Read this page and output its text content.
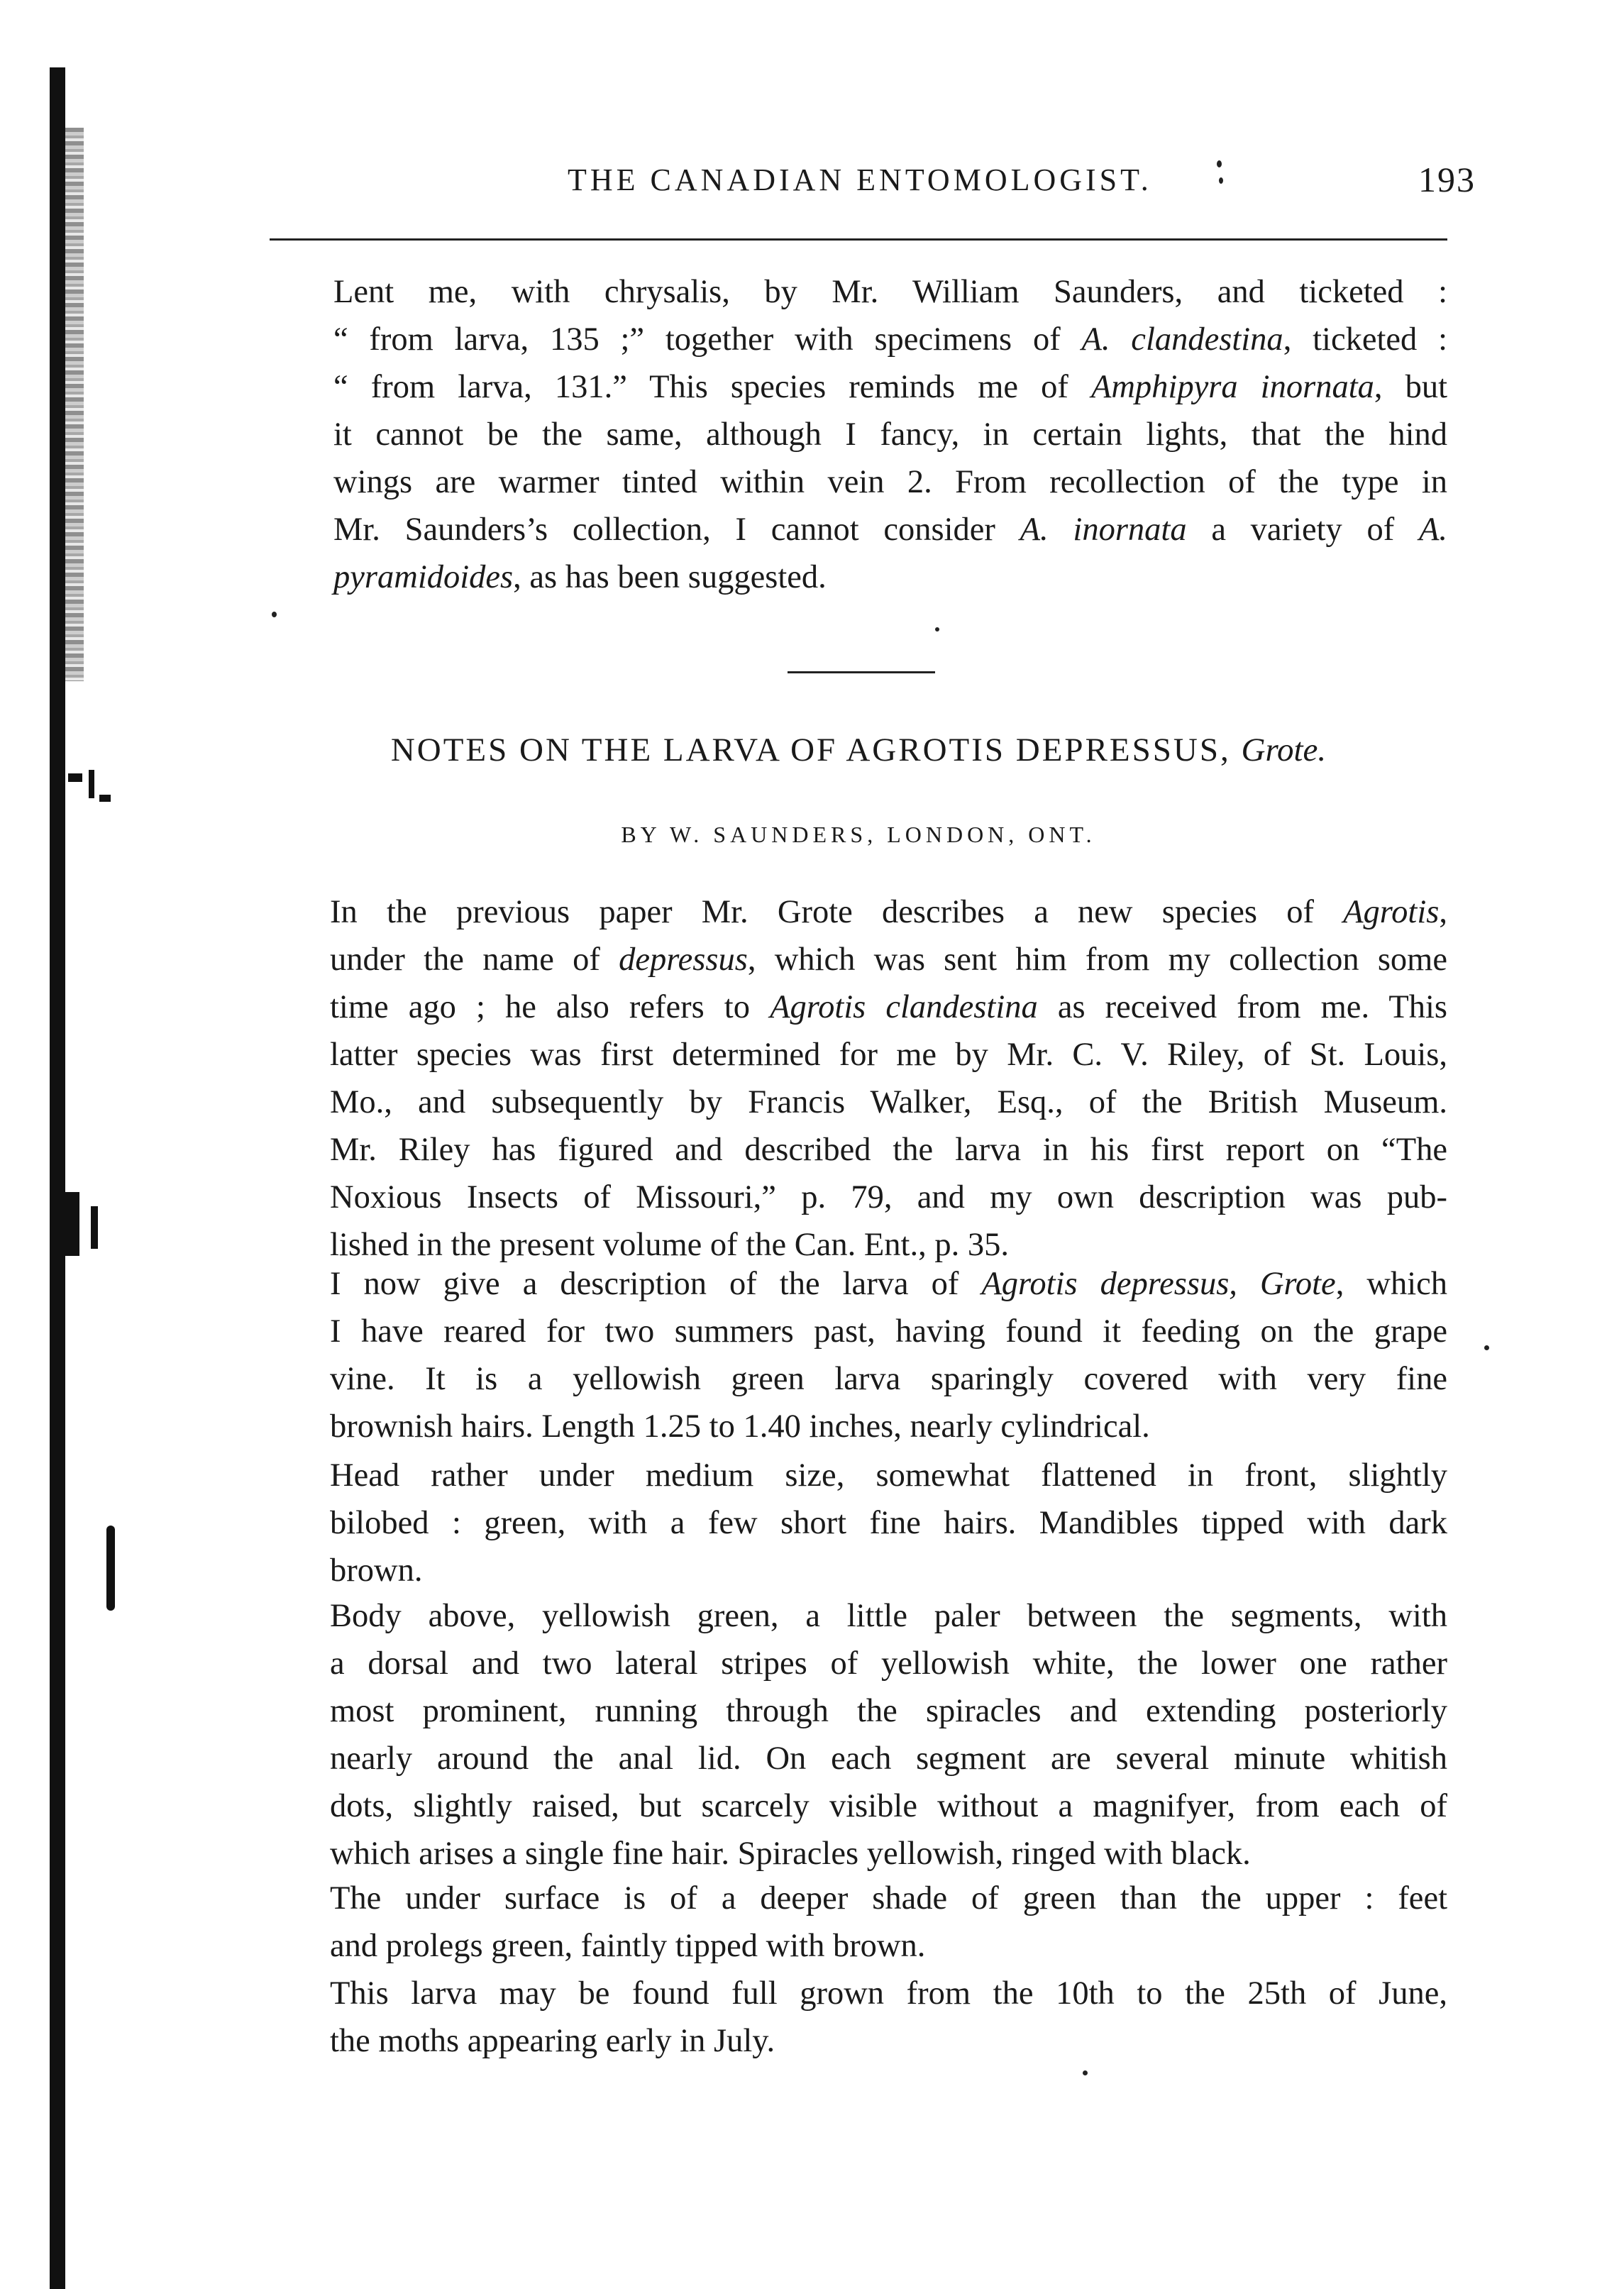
THE CANADIAN ENTOMOLOGIST.	193
Lent me, with chrysalis, by Mr. William Saunders, and ticketed :
“ from larva, 135 ;” together with specimens of A. clandestina, ticketed :
“ from larva, 131.” This species reminds me of Amphipyra inornata, but
it cannot be the same, although I fancy, in certain lights, that the hind
wings are warmer tinted within vein 2. From recollection of the type in
Mr. Saunders’s collection, I cannot consider A. inornata a variety of A.
pyramidoides, as has been suggested.
NOTES ON THE LARVA OF AGROTIS DEPRESSUS, Grote.
BY W. SAUNDERS, LONDON, ONT.
In the previous paper Mr. Grote describes a new species of Agrotis,
under the name of depressus, which was sent him from my collection some
time ago ; he also refers to Agrotis clandestina as received from me. This
latter species was first determined for me by Mr. C. V. Riley, of St. Louis,
Mo., and subsequently by Francis Walker, Esq., of the British Museum.
Mr. Riley has figured and described the larva in his first report on “The
Noxious Insects of Missouri,” p. 79, and my own description was pub-
lished in the present volume of the Can. Ent., p. 35.
I now give a description of the larva of Agrotis depressus, Grote, which
I have reared for two summers past, having found it feeding on the grape
vine. It is a yellowish green larva sparingly covered with very fine
brownish hairs. Length 1.25 to 1.40 inches, nearly cylindrical.
Head rather under medium size, somewhat flattened in front, slightly
bilobed : green, with a few short fine hairs. Mandibles tipped with dark
brown.
Body above, yellowish green, a little paler between the segments, with
a dorsal and two lateral stripes of yellowish white, the lower one rather
most prominent, running through the spiracles and extending posteriorly
nearly around the anal lid. On each segment are several minute whitish
dots, slightly raised, but scarcely visible without a magnifyer, from each of
which arises a single fine hair. Spiracles yellowish, ringed with black.
The under surface is of a deeper shade of green than the upper : feet
and prolegs green, faintly tipped with brown.
This larva may be found full grown from the 10th to the 25th of June,
the moths appearing early in July.
